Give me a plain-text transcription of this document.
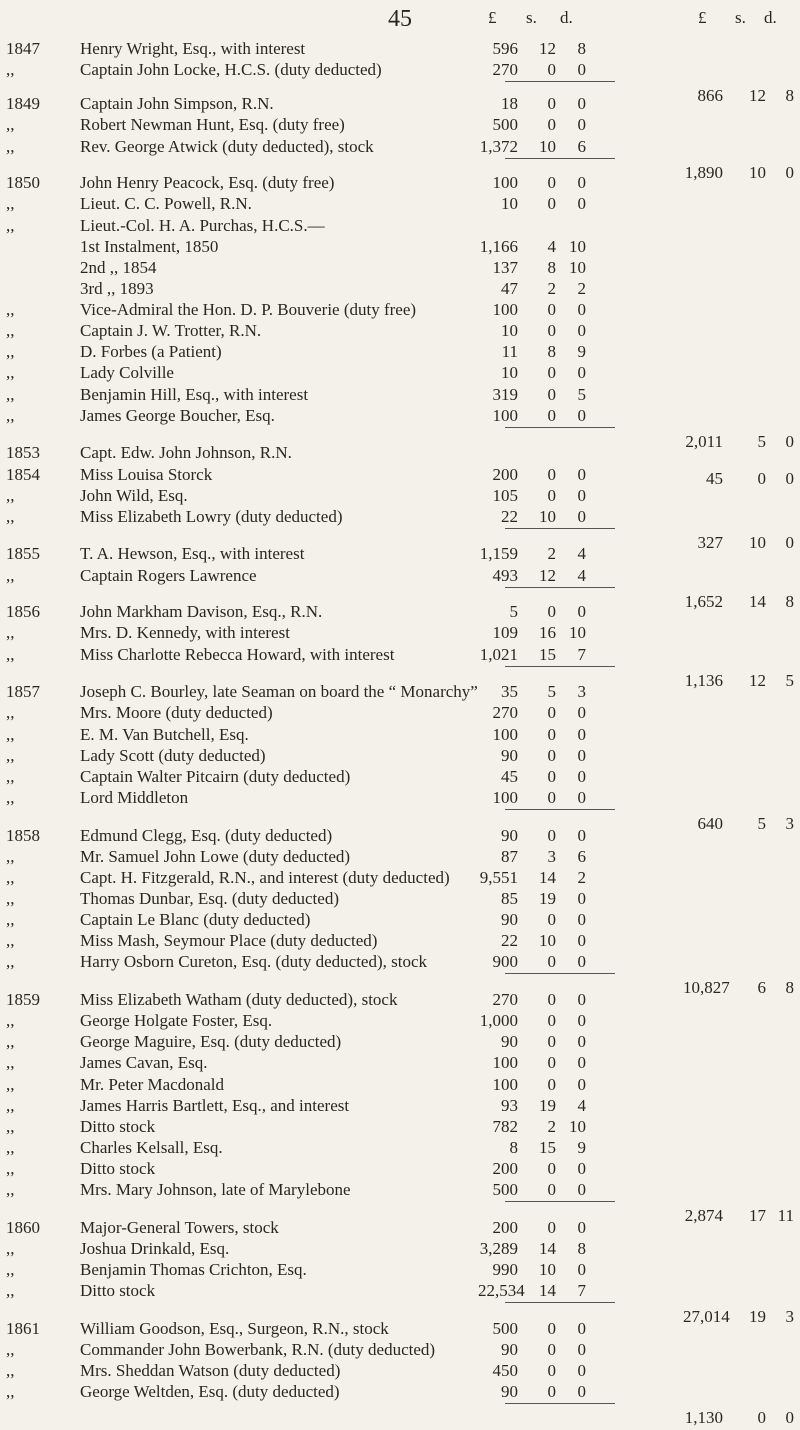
45	£ s. d.	£ s. d.
1847	Henry Wright, Esq., with interest	596	12	8
,,	Captain John Locke, H.C.S. (duty deducted)	270	0	0
1849	Captain John Simpson, R.N.	18	0	0
,,	Robert Newman Hunt, Esq. (duty free)	500	0	0
,,	Rev. George Atwick (duty deducted), stock	1,372	10	6
1850	John Henry Peacock, Esq. (duty free)	100	0	0
,,	Lieut. C. C. Powell, R.N.	10	0	0
,,	Lieut.-Col. H. A. Purchas, H.C.S.—
1st Instalment, 1850	1,166	4 10
2nd ,, 1854	137	8 10
3rd ,, 1893	47	2	2
,,	Vice-Admiral the Hon. D. P. Bouverie (duty free)	100	0	0
,,	Captain J. W. Trotter, R.N.	10	0	0
,,	D. Forbes (a Patient)	11	8	9
,,	Lady Colville	10	0	0
,,	Benjamin Hill, Esq., with interest	319	0	5
,,	James George Boucher, Esq.	100	0	0
1853	Capt. Edw. John Johnson, R.N.
1854	Miss Louisa Storck	200	0	0
,,	John Wild, Esq.	105	0	0
,,	Miss Elizabeth Lowry (duty deducted)	22	10	0
1855	T. A. Hewson, Esq., with interest	1,159	2	4
,,	Captain Rogers Lawrence	493	12	4
1856	John Markham Davison, Esq., R.N.	5	0	0
,,	Mrs. D. Kennedy, with interest	109	16 10
,,	Miss Charlotte Rebecca Howard, with interest	1,021	15	7
1857	Joseph C. Bourley, late Seaman on board the “ Monarchy”	35	5	3
,,	Mrs. Moore (duty deducted)	270	0	0
,,	E. M. Van Butchell, Esq.	100	0	0
,,	Lady Scott (duty deducted)	90	0	0
,,	Captain Walter Pitcairn (duty deducted)	45	0	0
,,	Lord Middleton	100	0	0
1858	Edmund Clegg, Esq. (duty deducted)	90	0	0
,,	Mr. Samuel John Lowe (duty deducted)	87	3	6
,,	Capt. H. Fitzgerald, R.N., and interest (duty deducted)	9,551	14	2
,,	Thomas Dunbar, Esq. (duty deducted)	85	19	0
,,	Captain Le Blanc (duty deducted)	90	0	0
,,	Miss Mash, Seymour Place (duty deducted)	22	10	0
,,	Harry Osborn Cureton, Esq. (duty deducted), stock	900	0	0
1859	Miss Elizabeth Watham (duty deducted), stock	270	0	0
,,	George Holgate Foster, Esq.	1,000	0	0
,,	George Maguire, Esq. (duty deducted)	90	0	0
,,	James Cavan, Esq.	100	0	0
,,	Mr. Peter Macdonald	100	0	0
,,	James Harris Bartlett, Esq., and interest	93	19	4
,,	Ditto stock	782	2 10
,,	Charles Kelsall, Esq.	8	15	9
,,	Ditto stock	200	0	0
,,	Mrs. Mary Johnson, late of Marylebone	500	0	0
1860	Major-General Towers, stock	200	0	0
,,	Joshua Drinkald, Esq.	3,289	14	8
,,	Benjamin Thomas Crichton, Esq.	990	10	0
,,	Ditto stock	22,534 14	7
1861	William Goodson, Esq., Surgeon, R.N., stock	500	0	0
,,	Commander John Bowerbank, R.N. (duty deducted)	90	0	0
,,	Mrs. Sheddan Watson (duty deducted)	450	0	0
,,	George Weltden, Esq. (duty deducted)	90	0	0
866	12	8
1,890	10	0
2,011	5	0
45	0	0
327	10	0
1,652	14	8
1,136	12	5
640	5	3
10,827	6	8
2,874	17 11
27,014	19	3
1,130	0	0
